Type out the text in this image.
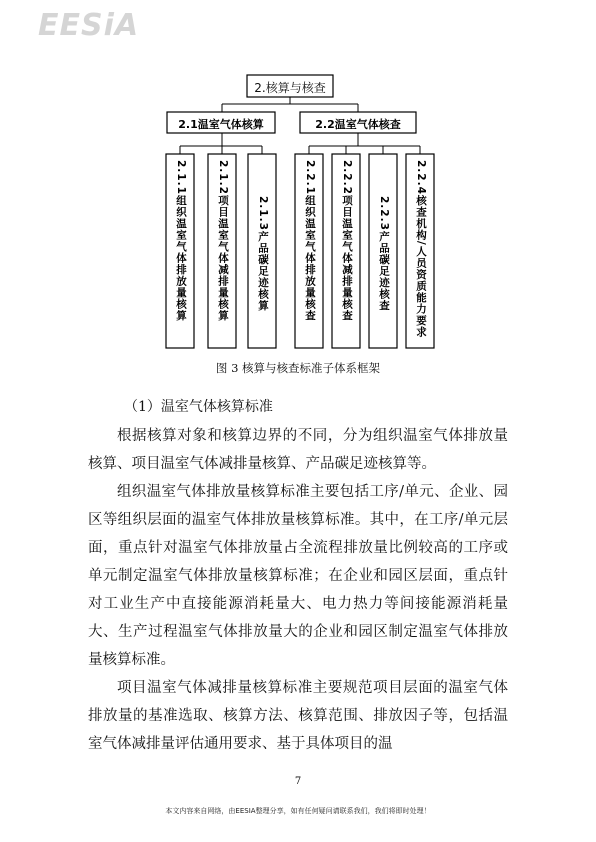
EESiA
2.核算与核查
2.1温室气体核算	2.2温室气体核查
2.1.1组织温室气体排放量核算	2.1.2项目温室气体减排量核算	2.1.3产品碳足迹核算	2.2.1组织温室气体排放量核查 2.2.2项目温室气体减排量核查 2.2.3产品碳足迹核查 2.2.4核查机构/人员资质能力要求
图 3 核算与核查标准子体系框架
（1）温室气体核算标准
根据核算对象和核算边界的不同，分为组织温室气体排放量核算、项目温室气体减排量核算、产品碳足迹核算等。
组织温室气体排放量核算标准主要包括工序/单元、企业、园区等组织层面的温室气体排放量核算标准。其中，在工序/单元层面，重点针对温室气体排放量占全流程排放量比例较高的工序或单元制定温室气体排放量核算标准；在企业和园区层面，重点针对工业生产中直接能源消耗量大、电力热力等间接能源消耗量大、生产过程温室气体排放量大的企业和园区制定温室气体排放量核算标准。
项目温室气体减排量核算标准主要规范项目层面的温室气体排放量的基准选取、核算方法、核算范围、排放因子等，包括温室气体减排量评估通用要求、基于具体项目的温
7
本文内容来自网络，由EESIA整理分享，如有任何疑问请联系我们，我们将即时处理！
